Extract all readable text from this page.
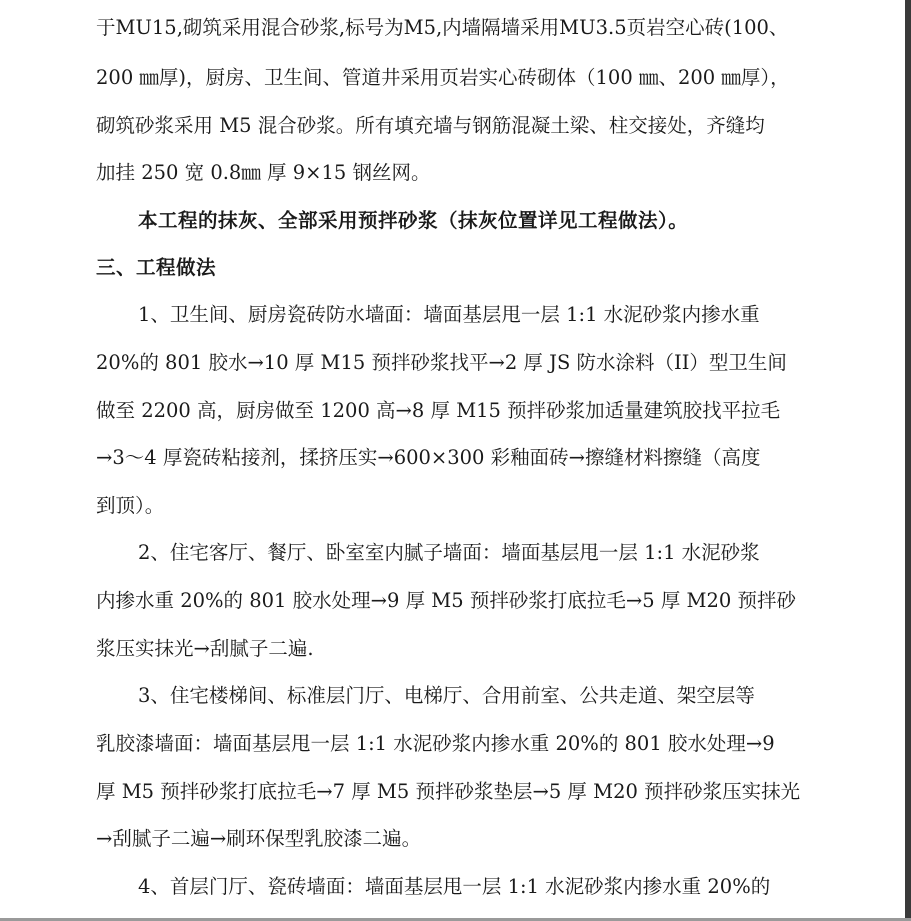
于MU15,砌筑采用混合砂浆,标号为M5,内墙隔墙采用MU3.5页岩空心砖(100、
200 ㎜厚)，厨房、卫生间、管道井采用页岩实心砖砌体（100 ㎜、200 ㎜厚），
砌筑砂浆采用 M5 混合砂浆。所有填充墙与钢筋混凝土梁、柱交接处，齐缝均
加挂 250 宽 0.8㎜ 厚 9×15 钢丝网。
本工程的抹灰、全部采用预拌砂浆（抹灰位置详见工程做法）。
三、工程做法
1、卫生间、厨房瓷砖防水墙面：墙面基层甩一层 1:1 水泥砂浆内掺水重
20%的 801 胶水→10 厚 M15 预拌砂浆找平→2 厚 JS 防水涂料（II）型卫生间
做至 2200 高，厨房做至 1200 高→8 厚 M15 预拌砂浆加适量建筑胶找平拉毛
→3～4 厚瓷砖粘接剂，揉挤压实→600×300 彩釉面砖→擦缝材料擦缝（高度
到顶）。
2、住宅客厅、餐厅、卧室室内腻子墙面：墙面基层甩一层 1:1 水泥砂浆
内掺水重 20%的 801 胶水处理→9 厚 M5 预拌砂浆打底拉毛→5 厚 M20 预拌砂
浆压实抹光→刮腻子二遍.
3、住宅楼梯间、标准层门厅、电梯厅、合用前室、公共走道、架空层等
乳胶漆墙面：墙面基层甩一层 1:1 水泥砂浆内掺水重 20%的 801 胶水处理→9
厚 M5 预拌砂浆打底拉毛→7 厚 M5 预拌砂浆垫层→5 厚 M20 预拌砂浆压实抹光
→刮腻子二遍→刷环保型乳胶漆二遍。
4、首层门厅、瓷砖墙面：墙面基层甩一层 1:1 水泥砂浆内掺水重 20%的
